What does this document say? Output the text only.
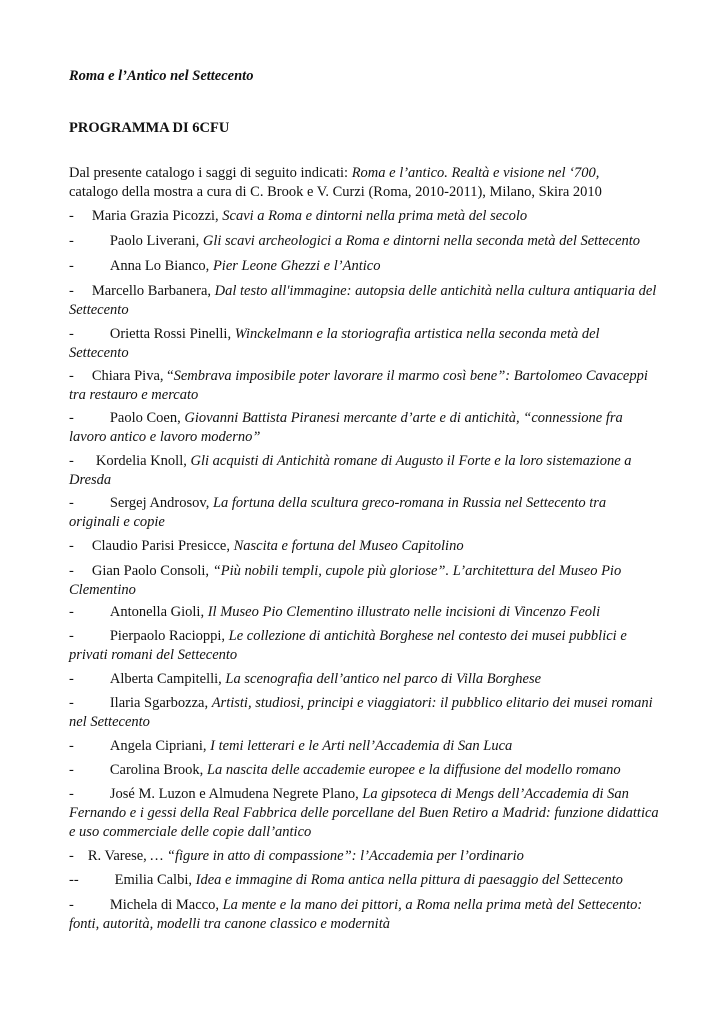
Roma e l’Antico nel Settecento
PROGRAMMA DI 6CFU
Dal presente catalogo i saggi di seguito indicati: Roma e l’antico. Realtà e visione nel ‘700,
catalogo della mostra a cura di C. Brook e V. Curzi (Roma, 2010-2011), Milano, Skira 2010
- Maria Grazia Picozzi, Scavi a Roma e dintorni nella prima metà del secolo
- Paolo Liverani, Gli scavi archeologici a Roma e dintorni nella seconda metà del Settecento
- Anna Lo Bianco, Pier Leone Ghezzi e l’Antico
- Marcello Barbanera, Dal testo all'immagine: autopsia delle antichità nella cultura antiquaria del Settecento
- Orietta Rossi Pinelli, Winckelmann e la storiografia artistica nella seconda metà del Settecento
- Chiara Piva, “Sembrava imposibile poter lavorare il marmo così bene”: Bartolomeo Cavaceppi tra restauro e mercato
- Paolo Coen, Giovanni Battista Piranesi mercante d’arte e di antichità, “connessione fra lavoro antico e lavoro moderno”
- Kordelia Knoll, Gli acquisti di Antichità romane di Augusto il Forte e la loro sistemazione a Dresda
- Sergej Androsov, La fortuna della scultura greco-romana in Russia nel Settecento tra originali e copie
- Claudio Parisi Presicce, Nascita e fortuna del Museo Capitolino
- Gian Paolo Consoli, “Più nobili templi, cupole più gloriose”. L’architettura del Museo Pio Clementino
- Antonella Gioli, Il Museo Pio Clementino illustrato nelle incisioni di Vincenzo Feoli
- Pierpaolo Racioppi, Le collezione di antichità Borghese nel contesto dei musei pubblici e privati romani del Settecento
- Alberta Campitelli, La scenografia dell’antico nel parco di Villa Borghese
- Ilaria Sgarbozza, Artisti, studiosi, principi e viaggiatori: il pubblico elitario dei musei romani nel Settecento
- Angela Cipriani, I temi letterari e le Arti nell’Accademia di San Luca
- Carolina Brook, La nascita delle accademie europee e la diffusione del modello romano
- José M. Luzon e Almudena Negrete Plano, La gipsoteca di Mengs dell’Accademia di San Fernando e i gessi della Real Fabbrica delle porcellane del Buen Retiro a Madrid: funzione didattica e uso commerciale delle copie dall’antico
- R. Varese, … “figure in atto di compassione”: l’Accademia per l’ordinario
-- Emilia Calbi, Idea e immagine di Roma antica nella pittura di paesaggio del Settecento
- Michela di Macco, La mente e la mano dei pittori, a Roma nella prima metà del Settecento: fonti, autorità, modelli tra canone classico e modernità
